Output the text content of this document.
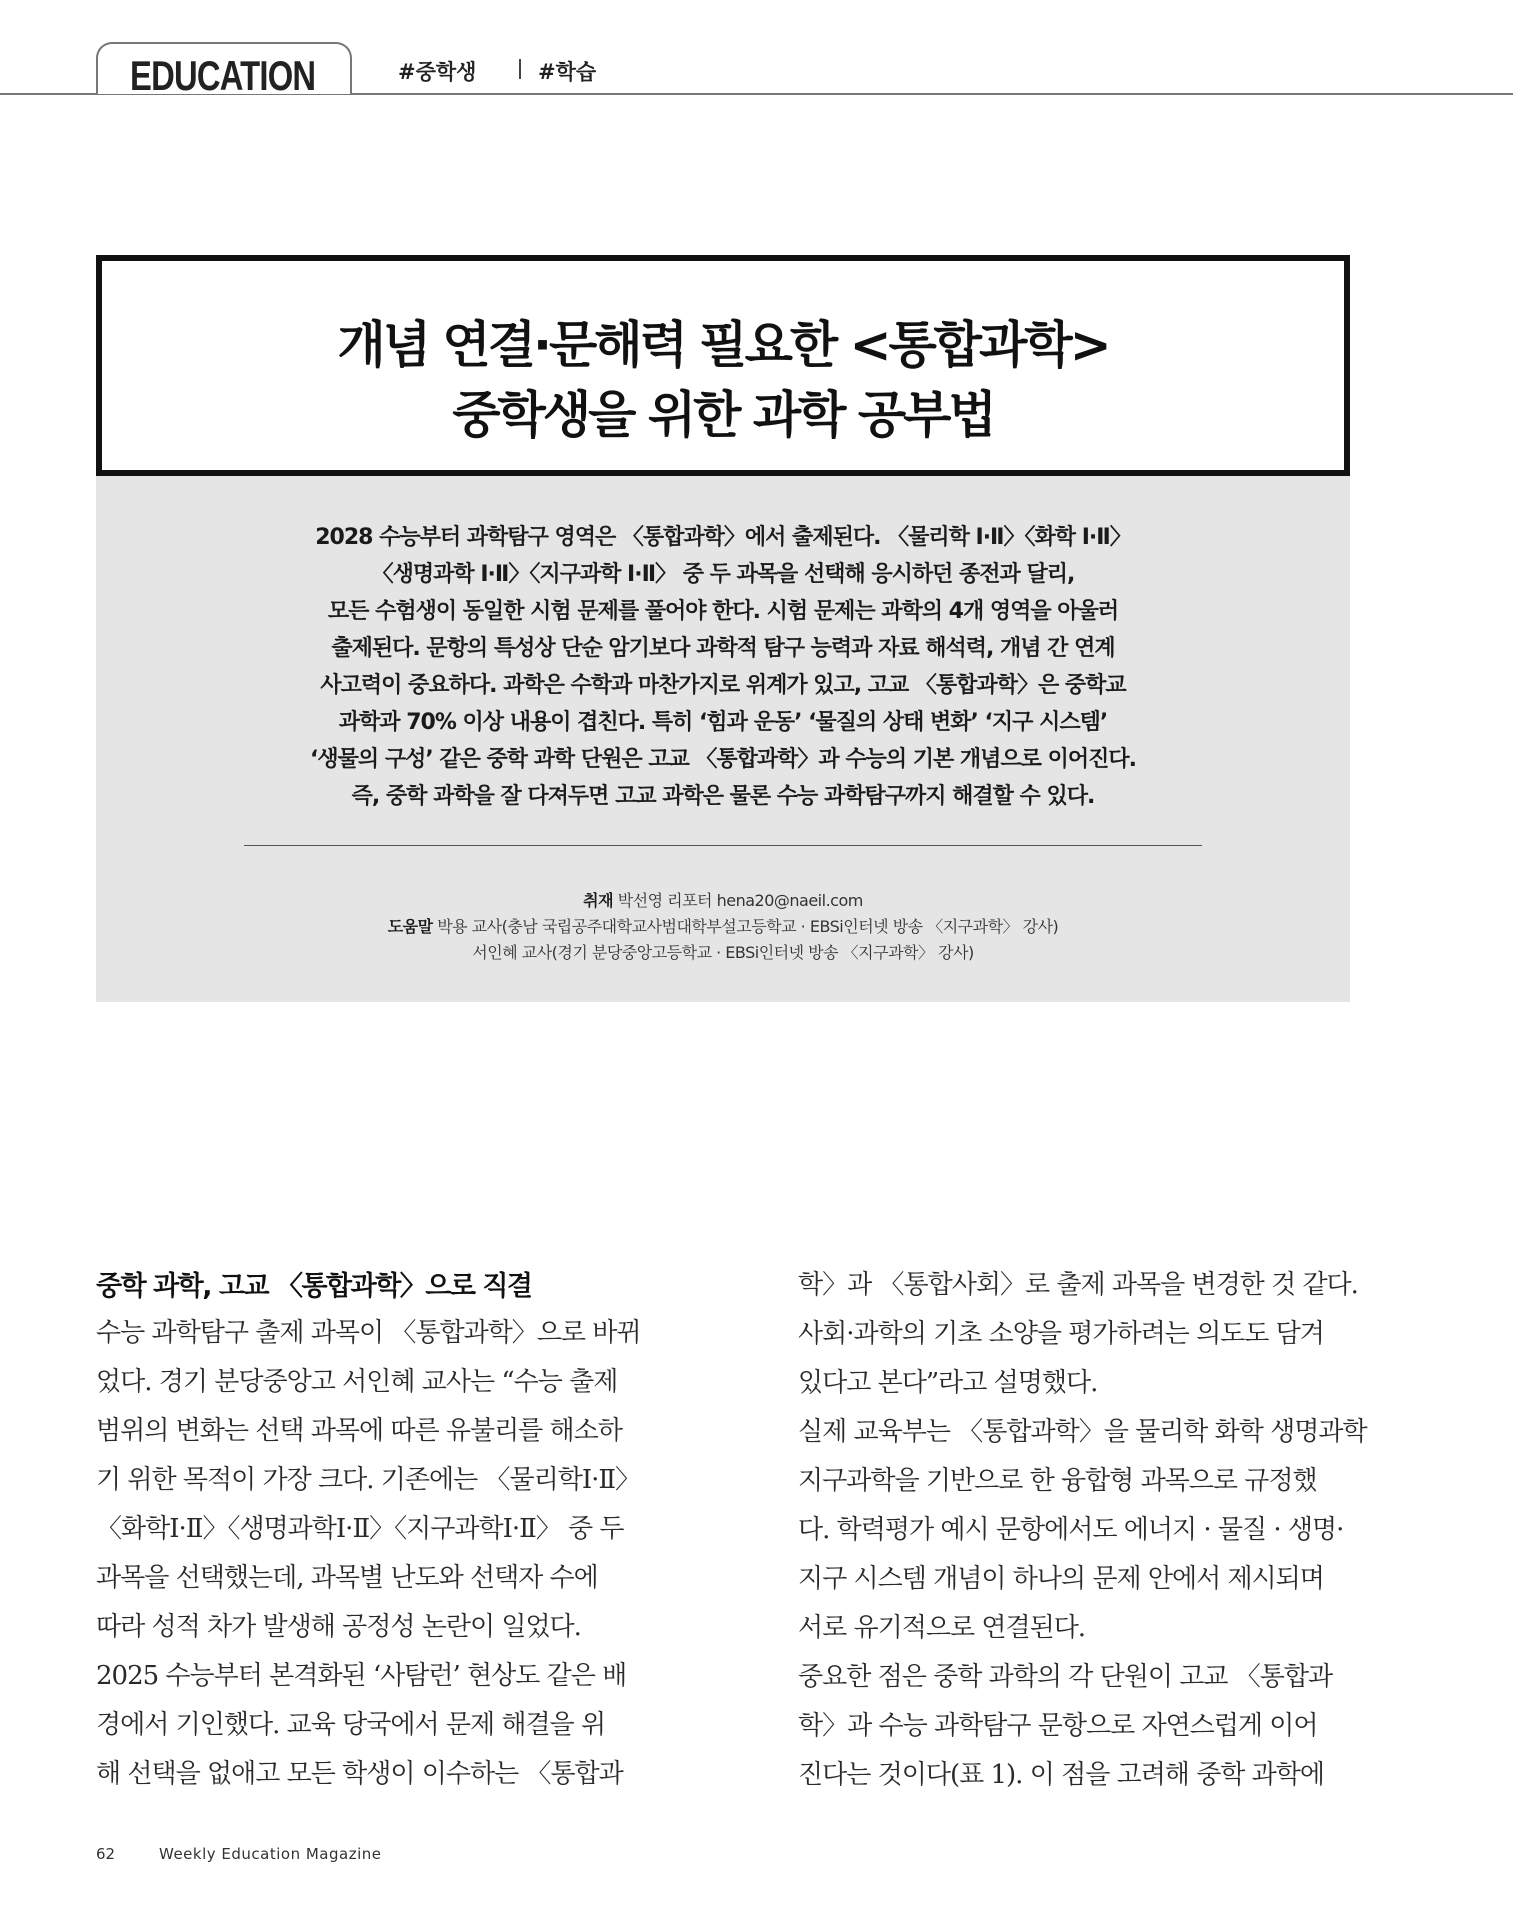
EDUCATION	#중학생	#학습
개념 연결·문해력 필요한 <통합과학>
중학생을 위한 과학 공부법
2028 수능부터 과학탐구 영역은 〈통합과학〉에서 출제된다. 〈물리학 Ⅰ·Ⅱ〉〈화학 Ⅰ·Ⅱ〉
〈생명과학 Ⅰ·Ⅱ〉〈지구과학 Ⅰ·Ⅱ〉 중 두 과목을 선택해 응시하던 종전과 달리,
모든 수험생이 동일한 시험 문제를 풀어야 한다. 시험 문제는 과학의 4개 영역을 아울러
출제된다. 문항의 특성상 단순 암기보다 과학적 탐구 능력과 자료 해석력, 개념 간 연계
사고력이 중요하다. 과학은 수학과 마찬가지로 위계가 있고, 고교 〈통합과학〉은 중학교
과학과 70% 이상 내용이 겹친다. 특히 ‘힘과 운동’ ‘물질의 상태 변화’ ‘지구 시스템’
‘생물의 구성’ 같은 중학 과학 단원은 고교 〈통합과학〉과 수능의 기본 개념으로 이어진다.
즉, 중학 과학을 잘 다져두면 고교 과학은 물론 수능 과학탐구까지 해결할 수 있다.
취재 박선영 리포터 hena20@naeil.com
도움말 박용 교사(충남 국립공주대학교사범대학부설고등학교 · EBSi인터넷 방송 〈지구과학〉 강사)
서인혜 교사(경기 분당중앙고등학교 · EBSi인터넷 방송 〈지구과학〉 강사)
중학 과학, 고교 〈통합과학〉으로 직결
수능 과학탐구 출제 과목이 〈통합과학〉으로 바뀌
었다. 경기 분당중앙고 서인혜 교사는 “수능 출제
범위의 변화는 선택 과목에 따른 유불리를 해소하
기 위한 목적이 가장 크다. 기존에는 〈물리학Ⅰ·Ⅱ〉
〈화학Ⅰ·Ⅱ〉〈생명과학Ⅰ·Ⅱ〉〈지구과학Ⅰ·Ⅱ〉 중 두
과목을 선택했는데, 과목별 난도와 선택자 수에
따라 성적 차가 발생해 공정성 논란이 일었다.
2025 수능부터 본격화된 ‘사탐런’ 현상도 같은 배
경에서 기인했다. 교육 당국에서 문제 해결을 위
해 선택을 없애고 모든 학생이 이수하는 〈통합과
학〉과 〈통합사회〉로 출제 과목을 변경한 것 같다.
사회·과학의 기초 소양을 평가하려는 의도도 담겨
있다고 본다”라고 설명했다.
실제 교육부는 〈통합과학〉을 물리학 화학 생명과학
지구과학을 기반으로 한 융합형 과목으로 규정했
다. 학력평가 예시 문항에서도 에너지 · 물질 · 생명·
지구 시스템 개념이 하나의 문제 안에서 제시되며
서로 유기적으로 연결된다.
중요한 점은 중학 과학의 각 단원이 고교 〈통합과
학〉과 수능 과학탐구 문항으로 자연스럽게 이어
진다는 것이다(표 1). 이 점을 고려해 중학 과학에
62	Weekly Education Magazine
